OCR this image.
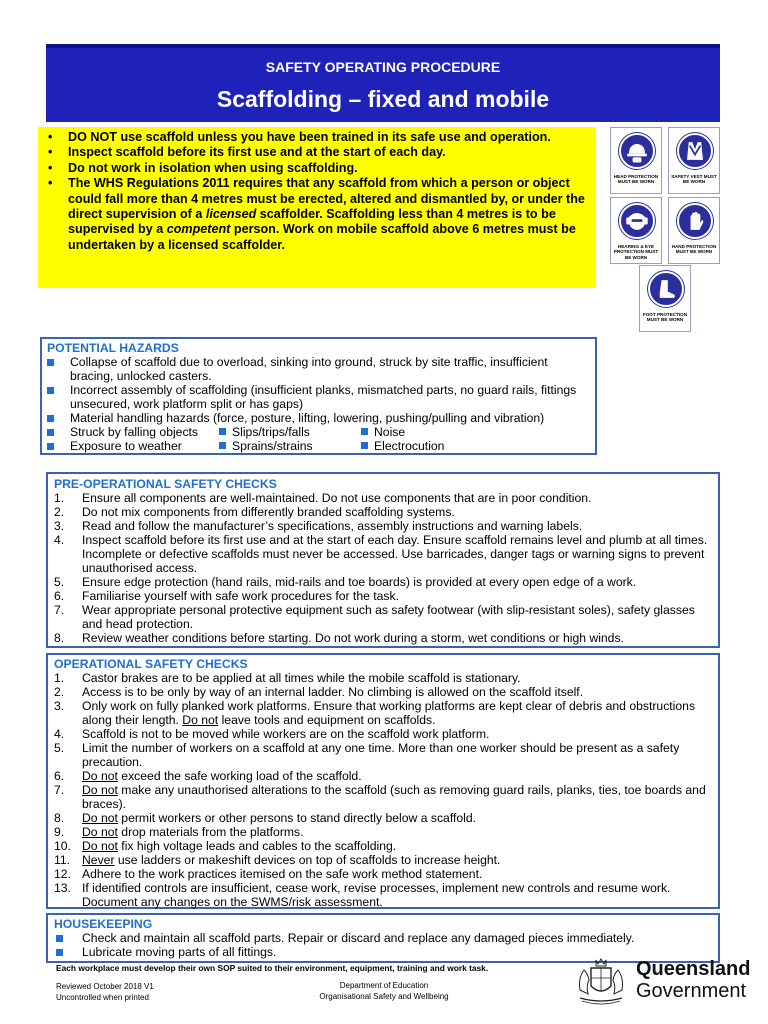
SAFETY OPERATING PROCEDURE
Scaffolding – fixed and mobile
• DO NOT use scaffold unless you have been trained in its safe use and operation.
• Inspect scaffold before its first use and at the start of each day.
• Do not work in isolation when using scaffolding.
• The WHS Regulations 2011 requires that any scaffold from which a person or object could fall more than 4 metres must be erected, altered and dismantled by, or under the direct supervision of a licensed scaffolder. Scaffolding less than 4 metres is to be supervised by a competent person. Work on mobile scaffold above 6 metres must be undertaken by a licensed scaffolder.
HEAD PROTECTION MUST BE WORN
SAFETY VEST MUST BE WORN
HEARING & EYE PROTECTION MUST BE WORN
HAND PROTECTION MUST BE WORN
FOOT PROTECTION MUST BE WORN
POTENTIAL HAZARDS
Collapse of scaffold due to overload, sinking into ground, struck by site traffic, insufficient bracing, unlocked casters.
Incorrect assembly of scaffolding (insufficient planks, mismatched parts, no guard rails, fittings unsecured, work platform split or has gaps)
Material handling hazards (force, posture, lifting, lowering, pushing/pulling and vibration)
Struck by falling objects	Slips/trips/falls	Noise
Exposure to weather	Sprains/strains	Electrocution
PRE-OPERATIONAL SAFETY CHECKS
1. Ensure all components are well-maintained. Do not use components that are in poor condition.
2. Do not mix components from differently branded scaffolding systems.
3. Read and follow the manufacturer’s specifications, assembly instructions and warning labels.
4. Inspect scaffold before its first use and at the start of each day. Ensure scaffold remains level and plumb at all times. Incomplete or defective scaffolds must never be accessed. Use barricades, danger tags or warning signs to prevent unauthorised access.
5. Ensure edge protection (hand rails, mid-rails and toe boards) is provided at every open edge of a work.
6. Familiarise yourself with safe work procedures for the task.
7. Wear appropriate personal protective equipment such as safety footwear (with slip-resistant soles), safety glasses and head protection.
8. Review weather conditions before starting. Do not work during a storm, wet conditions or high winds.
OPERATIONAL SAFETY CHECKS
1. Castor brakes are to be applied at all times while the mobile scaffold is stationary.
2. Access is to be only by way of an internal ladder. No climbing is allowed on the scaffold itself.
3. Only work on fully planked work platforms. Ensure that working platforms are kept clear of debris and obstructions along their length. Do not leave tools and equipment on scaffolds.
4. Scaffold is not to be moved while workers are on the scaffold work platform.
5. Limit the number of workers on a scaffold at any one time. More than one worker should be present as a safety precaution.
6. Do not exceed the safe working load of the scaffold.
7. Do not make any unauthorised alterations to the scaffold (such as removing guard rails, planks, ties, toe boards and braces).
8. Do not permit workers or other persons to stand directly below a scaffold.
9. Do not drop materials from the platforms.
10. Do not fix high voltage leads and cables to the scaffolding.
11. Never use ladders or makeshift devices on top of scaffolds to increase height.
12. Adhere to the work practices itemised on the safe work method statement.
13. If identified controls are insufficient, cease work, revise processes, implement new controls and resume work. Document any changes on the SWMS/risk assessment.
HOUSEKEEPING
Check and maintain all scaffold parts. Repair or discard and replace any damaged pieces immediately.
Lubricate moving parts of all fittings.
Each workplace must develop their own SOP suited to their environment, equipment, training and work task.
Reviewed October 2018 V1
Uncontrolled when printed
Department of Education
Organisational Safety and Wellbeing
Queensland
Government
